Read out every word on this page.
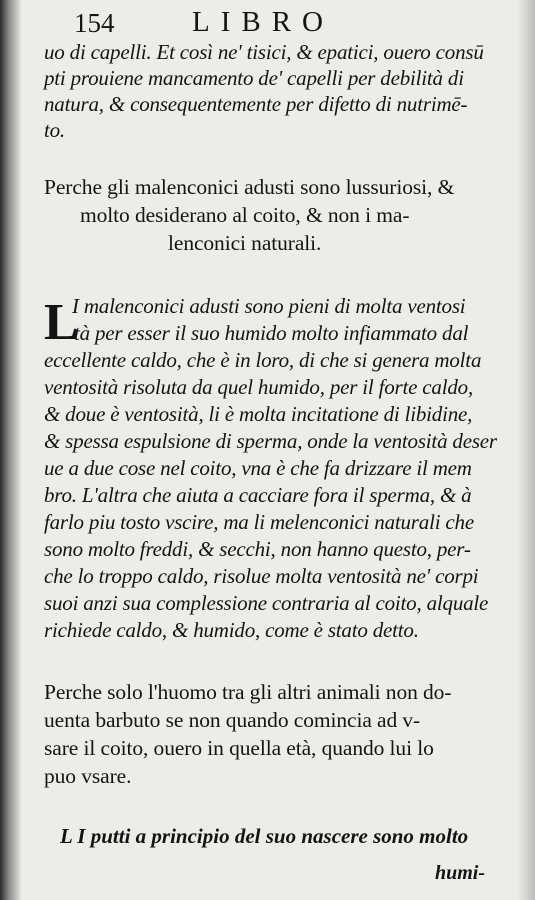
154	LIBRO
uo di capelli. Et così ne' tisici, & epatici, ouero consū
pti prouiene mancamento de' capelli per debilità di
natura, & consequentemente per difetto di nutrimē-
to.
Perche gli malenconici adusti sono lussuriosi, &
molto desiderano al coito, & non i ma-
lenconici naturali.
L
I malenconici adusti sono pieni di molta ventosi
tà per esser il suo humido molto infiammato dal
eccellente caldo, che è in loro, di che si genera molta
ventosità risoluta da quel humido, per il forte caldo,
& doue è ventosità, li è molta incitatione di libidine,
& spessa espulsione di sperma, onde la ventosità deser
ue a due cose nel coito, vna è che fa drizzare il mem
bro. L'altra che aiuta a cacciare fora il sperma, & à
farlo piu tosto vscire, ma li melenconici naturali che
sono molto freddi, & secchi, non hanno questo, per-
che lo troppo caldo, risolue molta ventosità ne' corpi
suoi anzi sua complessione contraria al coito, alquale
richiede caldo, & humido, come è stato detto.
Perche solo l'huomo tra gli altri animali non do-
uenta barbuto se non quando comincia ad v-
sare il coito, ouero in quella età, quando lui lo
puo vsare.
L I putti a principio del suo nascere sono molto
humi-
